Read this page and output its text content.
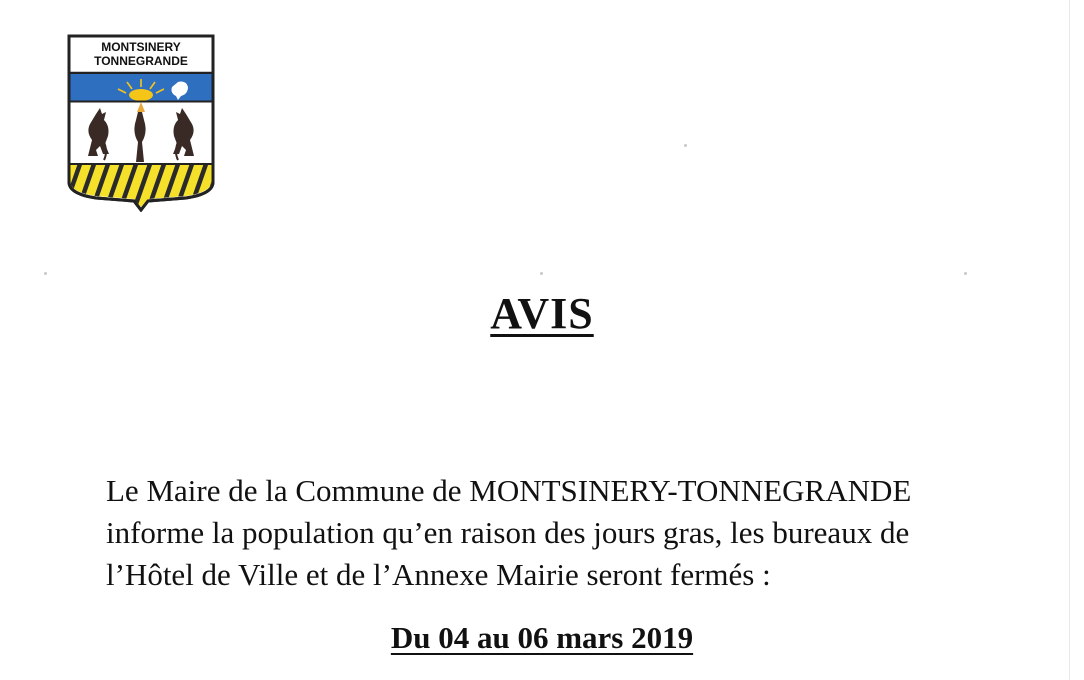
MONTSINERY
TONNEGRANDE
AVIS

Le Maire de la Commune de MONTSINERY-TONNEGRANDE
informe la population qu’en raison des jours gras, les bureaux de
l’Hôtel de Ville et de l’Annexe Mairie seront fermés :

Du 04 au 06 mars 2019
